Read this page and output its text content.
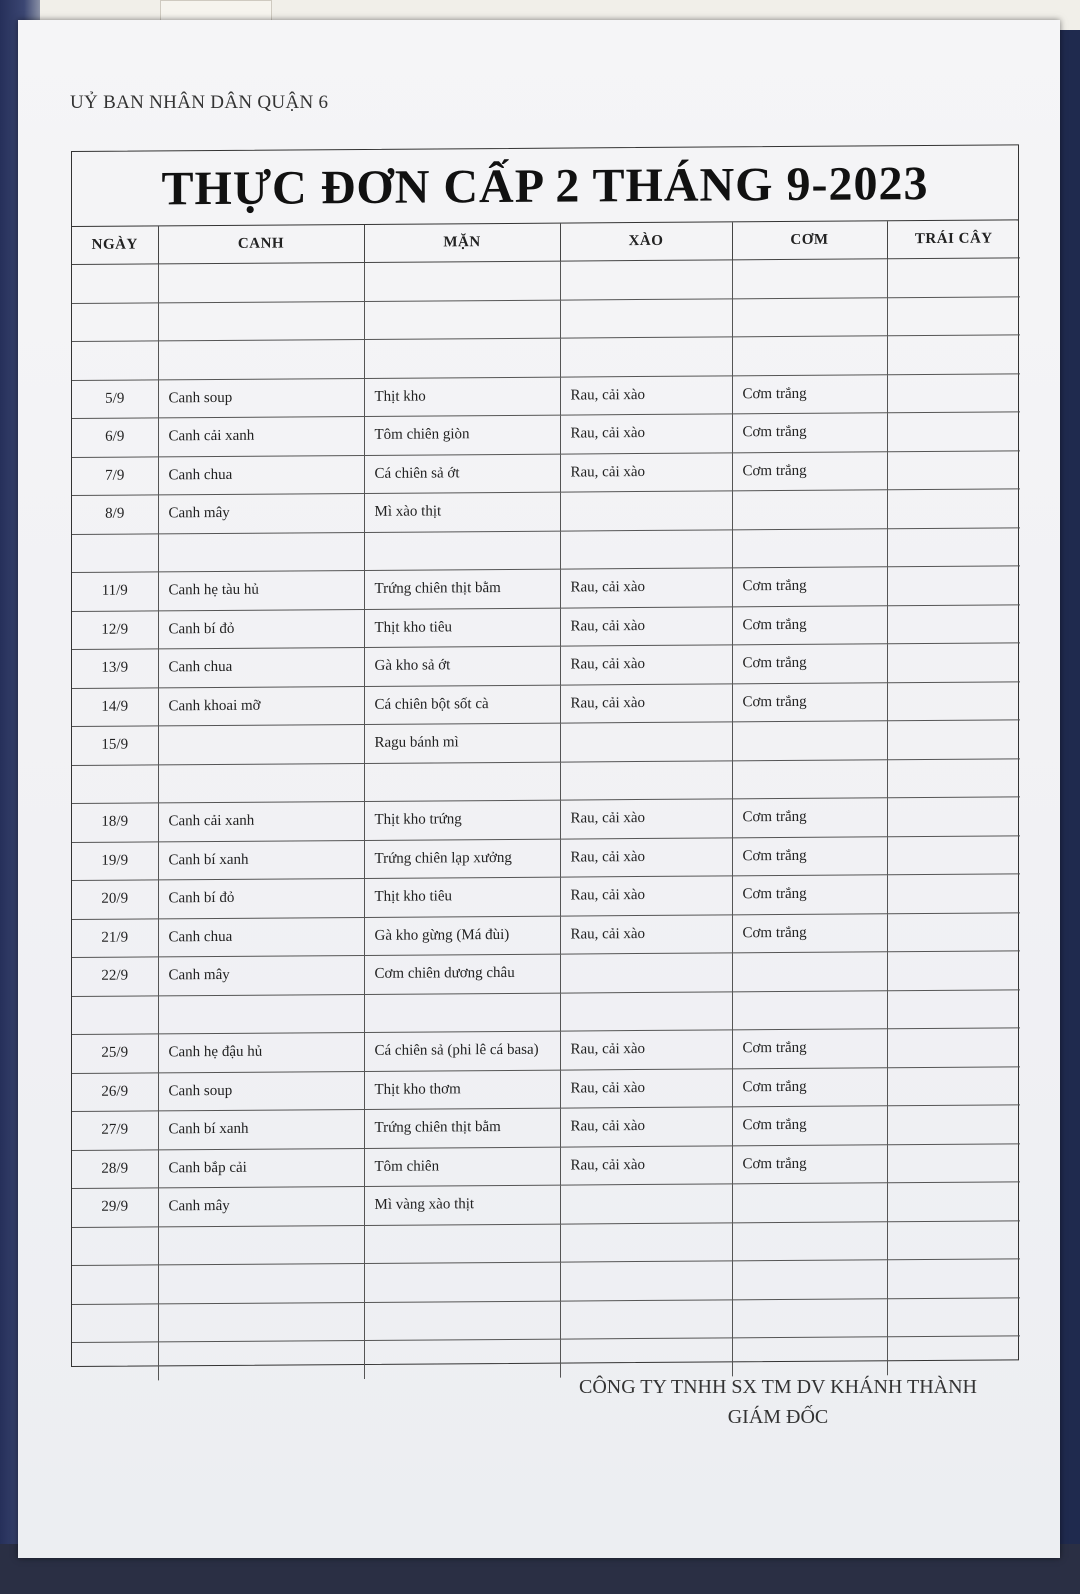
UỶ BAN NHÂN DÂN QUẬN 6
THỰC ĐƠN CẤP 2 THÁNG 9-2023
NGÀY	CANH	MẶN	XÀO	CƠM	TRÁI CÂY

5/9	Canh soup	Thịt kho	Rau, cải xào	Cơm trắng	
6/9	Canh cải xanh	Tôm chiên giòn	Rau, cải xào	Cơm trắng	
7/9	Canh chua	Cá chiên sả ớt	Rau, cải xào	Cơm trắng	
8/9	Canh mây	Mì xào thịt			

11/9	Canh hẹ tàu hủ	Trứng chiên thịt bằm	Rau, cải xào	Cơm trắng	
12/9	Canh bí đỏ	Thịt kho tiêu	Rau, cải xào	Cơm trắng	
13/9	Canh chua	Gà kho sả ớt	Rau, cải xào	Cơm trắng	
14/9	Canh khoai mỡ	Cá chiên bột sốt cà	Rau, cải xào	Cơm trắng	
15/9		Ragu bánh mì			

18/9	Canh cải xanh	Thịt kho trứng	Rau, cải xào	Cơm trắng	
19/9	Canh bí xanh	Trứng chiên lạp xưởng	Rau, cải xào	Cơm trắng	
20/9	Canh bí đỏ	Thịt kho tiêu	Rau, cải xào	Cơm trắng	
21/9	Canh chua	Gà kho gừng (Má đùi)	Rau, cải xào	Cơm trắng	
22/9	Canh mây	Cơm chiên dương châu			

25/9	Canh hẹ đậu hủ	Cá chiên sả (phi lê cá basa)	Rau, cải xào	Cơm trắng	
26/9	Canh soup	Thịt kho thơm	Rau, cải xào	Cơm trắng	
27/9	Canh bí xanh	Trứng chiên thịt bằm	Rau, cải xào	Cơm trắng	
28/9	Canh bắp cải	Tôm chiên	Rau, cải xào	Cơm trắng	
29/9	Canh mây	Mì vàng xào thịt			

CÔNG TY TNHH SX TM DV KHÁNH THÀNH
GIÁM ĐỐC
